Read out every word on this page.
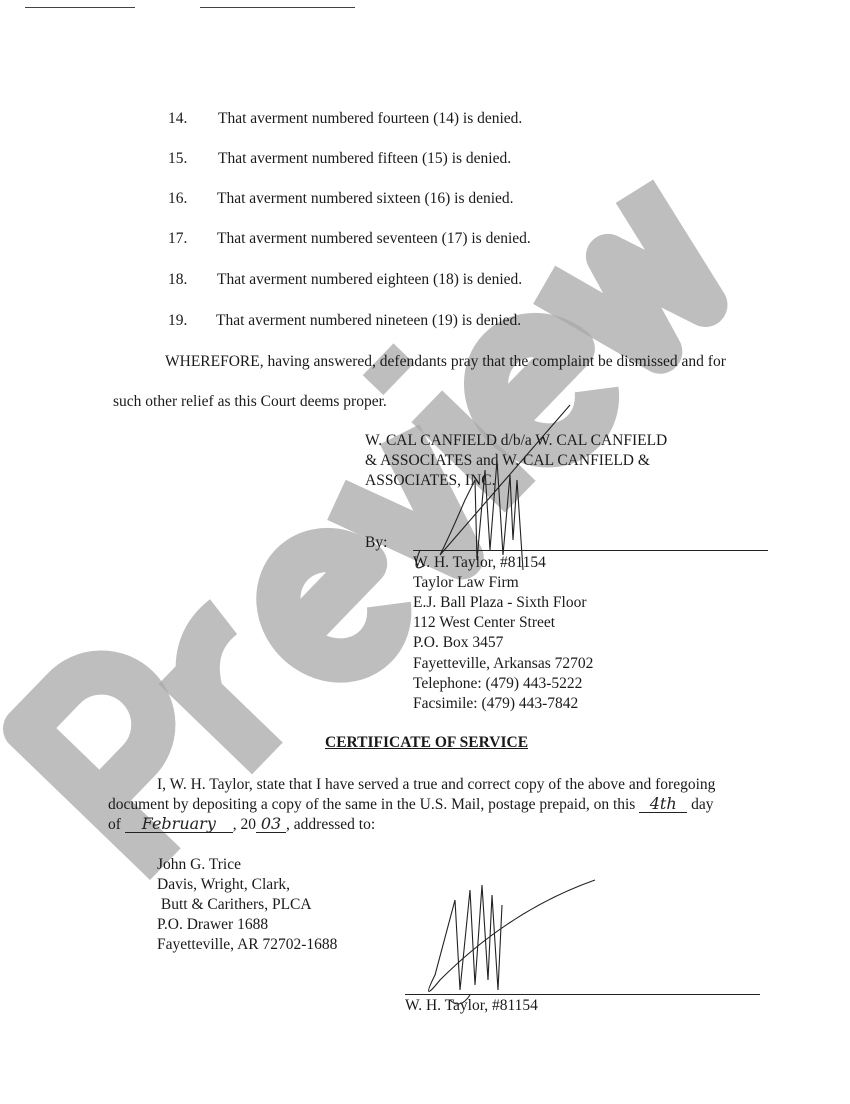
14. That averment numbered fourteen (14) is denied.
15. That averment numbered fifteen (15) is denied.
16. That averment numbered sixteen (16) is denied.
17. That averment numbered seventeen (17) is denied.
18. That averment numbered eighteen (18) is denied.
19. That averment numbered nineteen (19) is denied.
WHEREFORE, having answered, defendants pray that the complaint be dismissed and for
such other relief as this Court deems proper.
W. CAL CANFIELD d/b/a W. CAL CANFIELD
& ASSOCIATES and W. CAL CANFIELD &
ASSOCIATES, INC.
By:
W. H. Taylor, #81154
Taylor Law Firm
E.J. Ball Plaza - Sixth Floor
112 West Center Street
P.O. Box 3457
Fayetteville, Arkansas 72702
Telephone: (479) 443-5222
Facsimile: (479) 443-7842
CERTIFICATE OF SERVICE
I, W. H. Taylor, state that I have served a true and correct copy of the above and foregoing
document by depositing a copy of the same in the U.S. Mail, postage prepaid, on this 4th day
of February , 20 03 , addressed to:
John G. Trice
Davis, Wright, Clark,
Butt & Carithers, PLCA
P.O. Drawer 1688
Fayetteville, AR 72702-1688
W. H. Taylor, #81154
